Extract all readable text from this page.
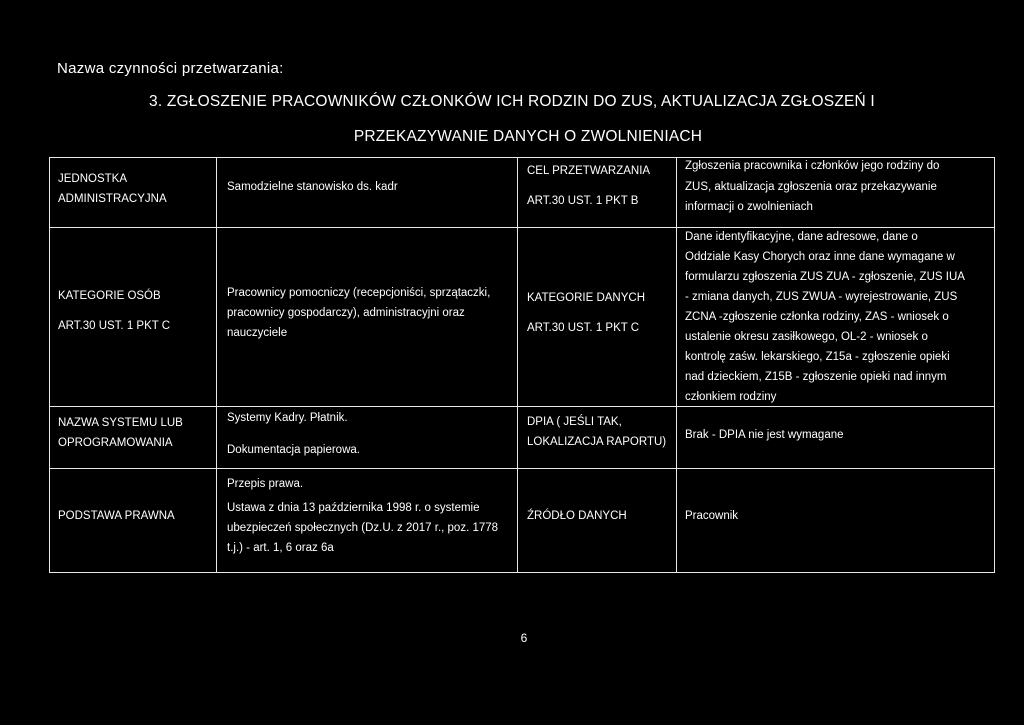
Nazwa czynności przetwarzania:
3. ZGŁOSZENIE PRACOWNIKÓW CZŁONKÓW ICH RODZIN DO ZUS, AKTUALIZACJA ZGŁOSZEŃ I
PRZEKAZYWANIE DANYCH O ZWOLNIENIACH
JEDNOSTKA
ADMINISTRACYJNA
Samodzielne stanowisko ds. kadr
CEL PRZETWARZANIA
ART.30 UST. 1 PKT B
Zgłoszenia pracownika i członków jego rodziny do
ZUS, aktualizacja zgłoszenia oraz przekazywanie
informacji o zwolnieniach
KATEGORIE OSÓB
ART.30 UST. 1 PKT C
Pracownicy pomocniczy (recepcjoniści, sprzątaczki,
pracownicy gospodarczy), administracyjni oraz
nauczyciele
KATEGORIE DANYCH
ART.30 UST. 1 PKT C
Dane identyfikacyjne, dane adresowe, dane o
Oddziale Kasy Chorych oraz inne dane wymagane w
formularzu zgłoszenia ZUS ZUA - zgłoszenie, ZUS IUA
- zmiana danych, ZUS ZWUA - wyrejestrowanie, ZUS
ZCNA -zgłoszenie członka rodziny, ZAS - wniosek o
ustalenie okresu zasiłkowego, OL-2 - wniosek o
kontrolę zaśw. lekarskiego, Z15a - zgłoszenie opieki
nad dzieckiem, Z15B - zgłoszenie opieki nad innym
członkiem rodziny
NAZWA SYSTEMU LUB
OPROGRAMOWANIA
Systemy Kadry. Płatnik.
Dokumentacja papierowa.
DPIA ( JEŚLI TAK,
LOKALIZACJA RAPORTU)
Brak - DPIA nie jest wymagane
PODSTAWA PRAWNA
Przepis prawa.
Ustawa z dnia 13 października 1998 r. o systemie
ubezpieczeń społecznych (Dz.U. z 2017 r., poz. 1778
t.j.) - art. 1, 6 oraz 6a
ŹRÓDŁO DANYCH	Pracownik
6
